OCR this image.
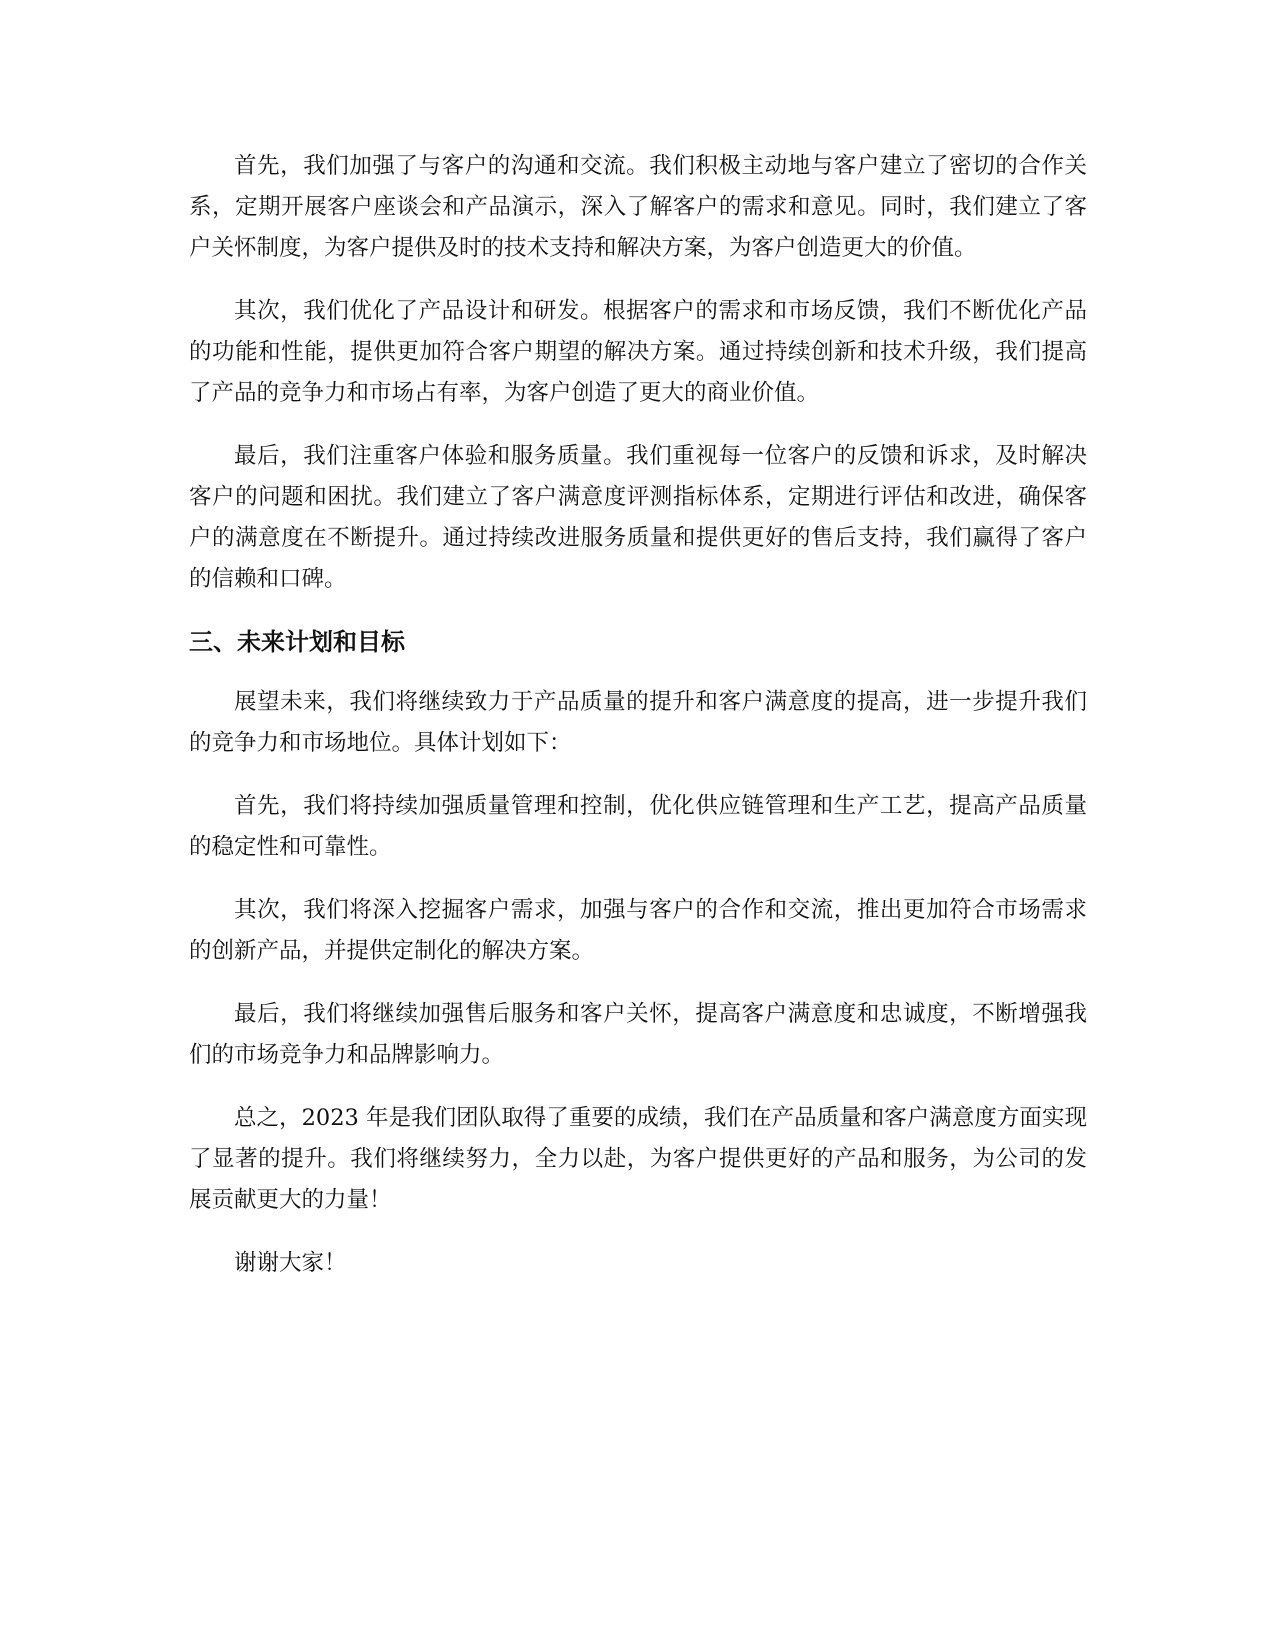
首先，我们加强了与客户的沟通和交流。我们积极主动地与客户建立了密切的合作关系，定期开展客户座谈会和产品演示，深入了解客户的需求和意见。同时，我们建立了客户关怀制度，为客户提供及时的技术支持和解决方案，为客户创造更大的价值。

其次，我们优化了产品设计和研发。根据客户的需求和市场反馈，我们不断优化产品的功能和性能，提供更加符合客户期望的解决方案。通过持续创新和技术升级，我们提高了产品的竞争力和市场占有率，为客户创造了更大的商业价值。

最后，我们注重客户体验和服务质量。我们重视每一位客户的反馈和诉求，及时解决客户的问题和困扰。我们建立了客户满意度评测指标体系，定期进行评估和改进，确保客户的满意度在不断提升。通过持续改进服务质量和提供更好的售后支持，我们赢得了客户的信赖和口碑。

三、未来计划和目标

展望未来，我们将继续致力于产品质量的提升和客户满意度的提高，进一步提升我们的竞争力和市场地位。具体计划如下：

首先，我们将持续加强质量管理和控制，优化供应链管理和生产工艺，提高产品质量的稳定性和可靠性。

其次，我们将深入挖掘客户需求，加强与客户的合作和交流，推出更加符合市场需求的创新产品，并提供定制化的解决方案。

最后，我们将继续加强售后服务和客户关怀，提高客户满意度和忠诚度，不断增强我们的市场竞争力和品牌影响力。

总之，2023 年是我们团队取得了重要的成绩，我们在产品质量和客户满意度方面实现了显著的提升。我们将继续努力，全力以赴，为客户提供更好的产品和服务，为公司的发展贡献更大的力量！

谢谢大家！
